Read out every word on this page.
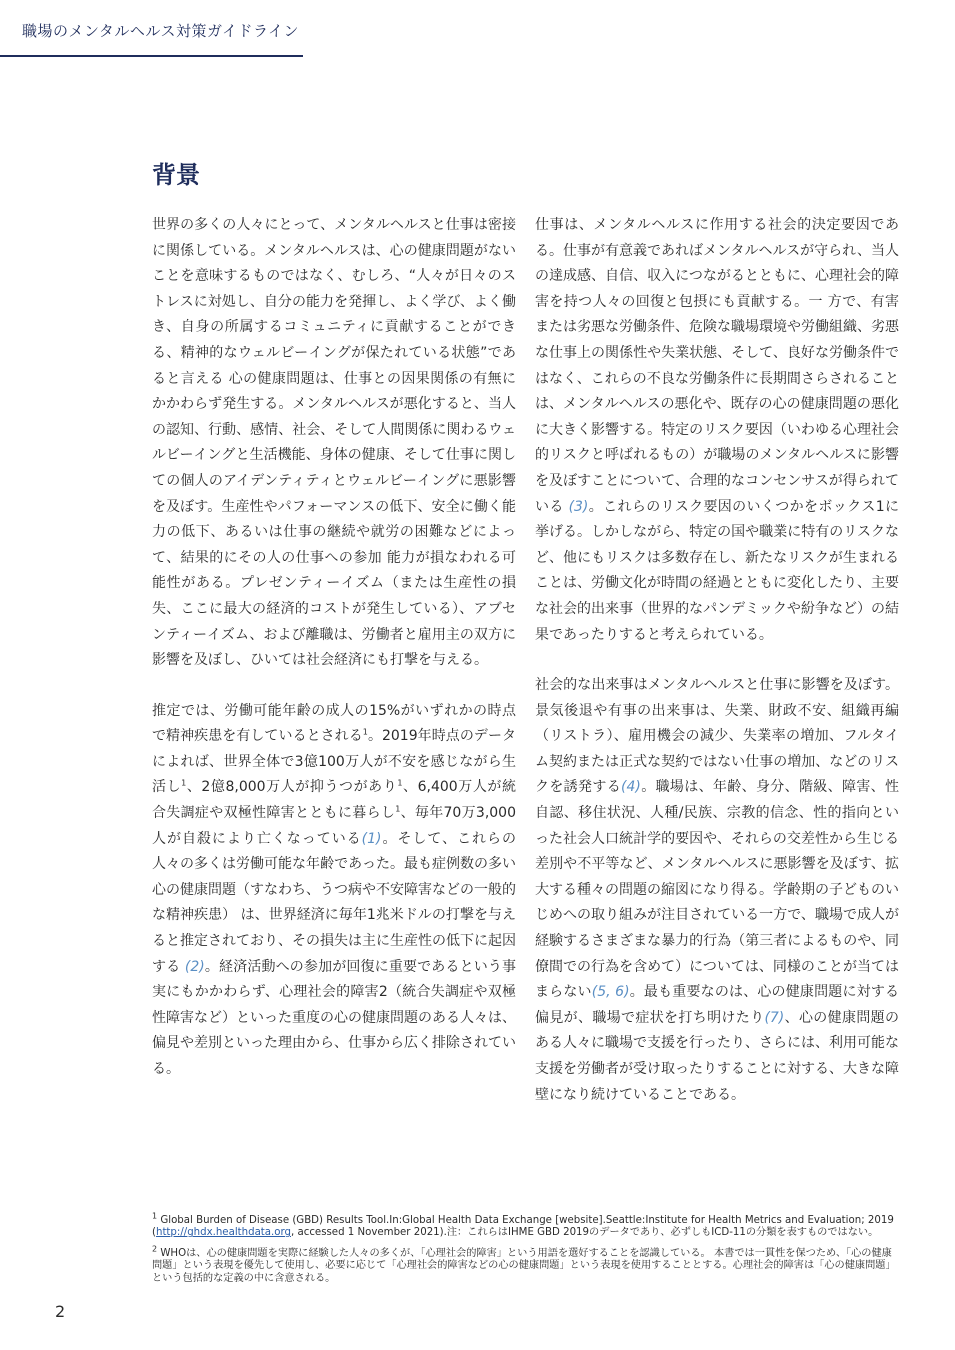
職場のメンタルヘルス対策ガイドライン
背景

世界の多くの人々にとって、メンタルヘルスと仕事は密接に関係している。メンタルヘルスは、心の健康問題がないことを意味するものではなく、むしろ、“人々が日々のストレスに対処し、自分の能力を発揮し、よく学び、よく働き、自身の所属するコミュニティに貢献することができる、精神的なウェルビーイングが保たれている状態”であると言える 心の健康問題は、仕事との因果関係の有無にかかわらず発生する。メンタルヘルスが悪化すると、当人の認知、行動、感情、社会、そして人間関係に関わるウェルビーイングと生活機能、身体の健康、そして仕事に関しての個人のアイデンティティとウェルビーイングに悪影響を及ぼす。生産性やパフォーマンスの低下、安全に働く能力の低下、あるいは仕事の継続や就労の困難などによって、結果的にその人の仕事への参加 能力が損なわれる可能性がある。プレゼンティーイズム（または生産性の損失、ここに最大の経済的コストが発生している）、アブセンティーイズム、および離職は、労働者と雇用主の双方に影響を及ぼし、ひいては社会経済にも打撃を与える。

推定では、労働可能年齢の成人の15%がいずれかの時点で精神疾患を有しているとされる$^1$。2019年時点のデータによれば、世界全体で3億100万人が不安を感じながら生活し$^1$、2億8,000万人が抑うつがあり$^1$、6,400万人が統合失調症や双極性障害とともに暮らし$^1$、毎年70万3,000人が自殺により亡くなっている(1)。そして、これらの人々の多くは労働可能な年齢であった。最も症例数の多い心の健康問題（すなわち、うつ病や不安障害などの一般的な精神疾患） は、世界経済に毎年1兆米ドルの打撃を与えると推定されており、その損失は主に生産性の低下に起因する (2)。経済活動への参加が回復に重要であるという事実にもかかわらず、心理社会的障害2（統合失調症や双極性障害など）といった重度の心の健康問題のある人々は、偏見や差別といった理由から、仕事から広く排除されている。

仕事は、メンタルヘルスに作用する社会的決定要因である。仕事が有意義であればメンタルヘルスが守られ、当人の達成感、自信、収入につながるとともに、心理社会的障害を持つ人々の回復と包摂にも貢献する。一 方で、有害または劣悪な労働条件、危険な職場環境や労働組織、劣悪な仕事上の関係性や失業状態、そして、良好な労働条件ではなく、これらの不良な労働条件に長期間さらされることは、メンタルヘルスの悪化や、既存の心の健康問題の悪化に大きく影響する。特定のリスク要因（いわゆる心理社会的リスクと呼ばれるもの）が職場のメンタルヘルスに影響を及ぼすことについて、合理的なコンセンサスが得られている (3)。これらのリスク要因のいくつかをボックス1に挙げる。しかしながら、特定の国や職業に特有のリスクなど、他にもリスクは多数存在し、新たなリスクが生まれることは、労働文化が時間の経過とともに変化したり、主要な社会的出来事（世界的なパンデミックや紛争など）の結果であったりすると考えられている。

社会的な出来事はメンタルヘルスと仕事に影響を及ぼす。景気後退や有事の出来事は、失業、財政不安、組織再編（リストラ）、雇用機会の減少、失業率の増加、フルタイム契約または正式な契約ではない仕事の増加、などのリスクを誘発する(4)。職場は、年齢、身分、階級、障害、性自認、移住状況、人種/民族、宗教的信念、性的指向といった社会人口統計学的要因や、それらの交差性から生じる差別や不平等など、メンタルヘルスに悪影響を及ぼす、拡大する種々の問題の縮図になり得る。学齢期の子どものいじめへの取り組みが注目されている一方で、職場で成人が経験するさまざまな暴力的行為（第三者によるものや、同僚間での行為を含めて）については、同様のことが当てはまらない(5, 6)。最も重要なのは、心の健康問題に対する偏見が、職場で症状を打ち明けたり(7)、心の健康問題のある人々に職場で支援を行ったり、さらには、利用可能な支援を労働者が受け取ったりすることに対する、大きな障壁になり続けていることである。

$^1$ Global Burden of Disease (GBD) Results Tool.In:Global Health Data Exchange [website].Seattle:Institute for Health Metrics and Evaluation; 2019 (http://ghdx.healthdata.org, accessed 1 November 2021).注：これらはIHME GBD 2019のデータであり、必ずしもICD-11の分類を表すものではない。

$^2$ WHOは、心の健康問題を実際に経験した人々の多くが、「心理社会的障害」という用語を選好することを認識している。 本書では一貫性を保つため、「心の健康問題」という表現を優先して使用し、必要に応じて「心理社会的障害などの心の健康問題」という表現を使用することとする。心理社会的障害は「心の健康問題」という包括的な定義の中に含意される。

2
